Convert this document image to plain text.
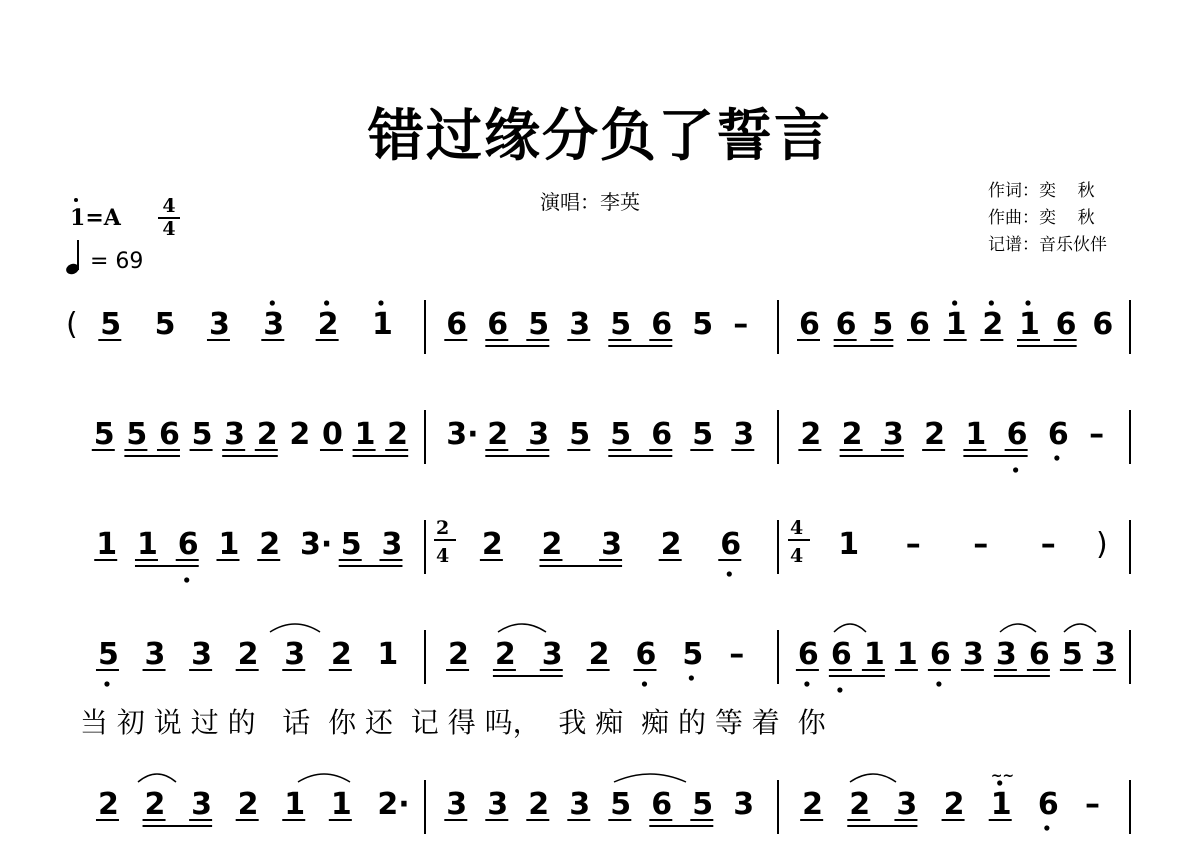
错过缘分负了誓言
演唱：李英	作词：奕    秋
作曲：奕    秋
记谱：音乐伙伴
$1=A \frac{4}{4}$
= 69
( 5 5 3 3 2 1 6 6 5 3 5 6 5 – 6 6 5 6 1 2 1 6 6
5 5 6 5 3 2 2 0 1 2 3· 2 3 5 5 6 5 3 2 2 3 2 1 6 6 –
1 1 6 1 2 3· 5 3 2
4 2 2 3 2 6	4
4 1 – – – )
5 3 3 2 3 2 1 2 2 3 2 6 5 – 6 6 1 1 6 3 3 6 5 3
当 初 说 过 的   话  你 还  记 得 吗，  我 痴  痴 的 等 着  你
2 2 3 2 1 1 2· 3 3 2 3 5 6 5 3 2 2 3 2 1
~~
6 –
